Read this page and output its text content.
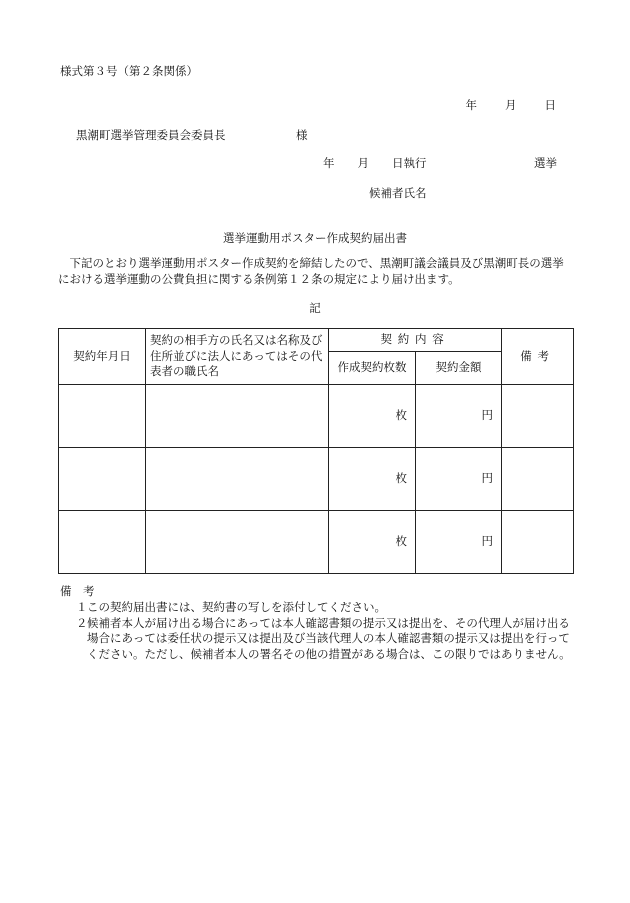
様式第３号（第２条関係）
年 月 日
黒潮町選挙管理委員会委員長	様
年　　月　　日執行	選挙
候補者氏名
選挙運動用ポスター作成契約届出書
下記のとおり選挙運動用ポスター作成契約を締結したので、黒潮町議会議員及び黒潮町長の選挙における選挙運動の公費負担に関する条例第１２条の規定により届け出ます。
記
契約年月日	契約の相手方の氏名又は名称及び住所並びに法人にあってはその代表者の職氏名	契約内容		備考
		作成契約枚数	契約金額	
		枚	円	
		枚	円	
		枚	円	
備　考
１ この契約届出書には、契約書の写しを添付してください。
２ 候補者本人が届け出る場合にあっては本人確認書類の提示又は提出を、その代理人が届け出る場合にあっては委任状の提示又は提出及び当該代理人の本人確認書類の提示又は提出を行ってください。ただし、候補者本人の署名その他の措置がある場合は、この限りではありません。
